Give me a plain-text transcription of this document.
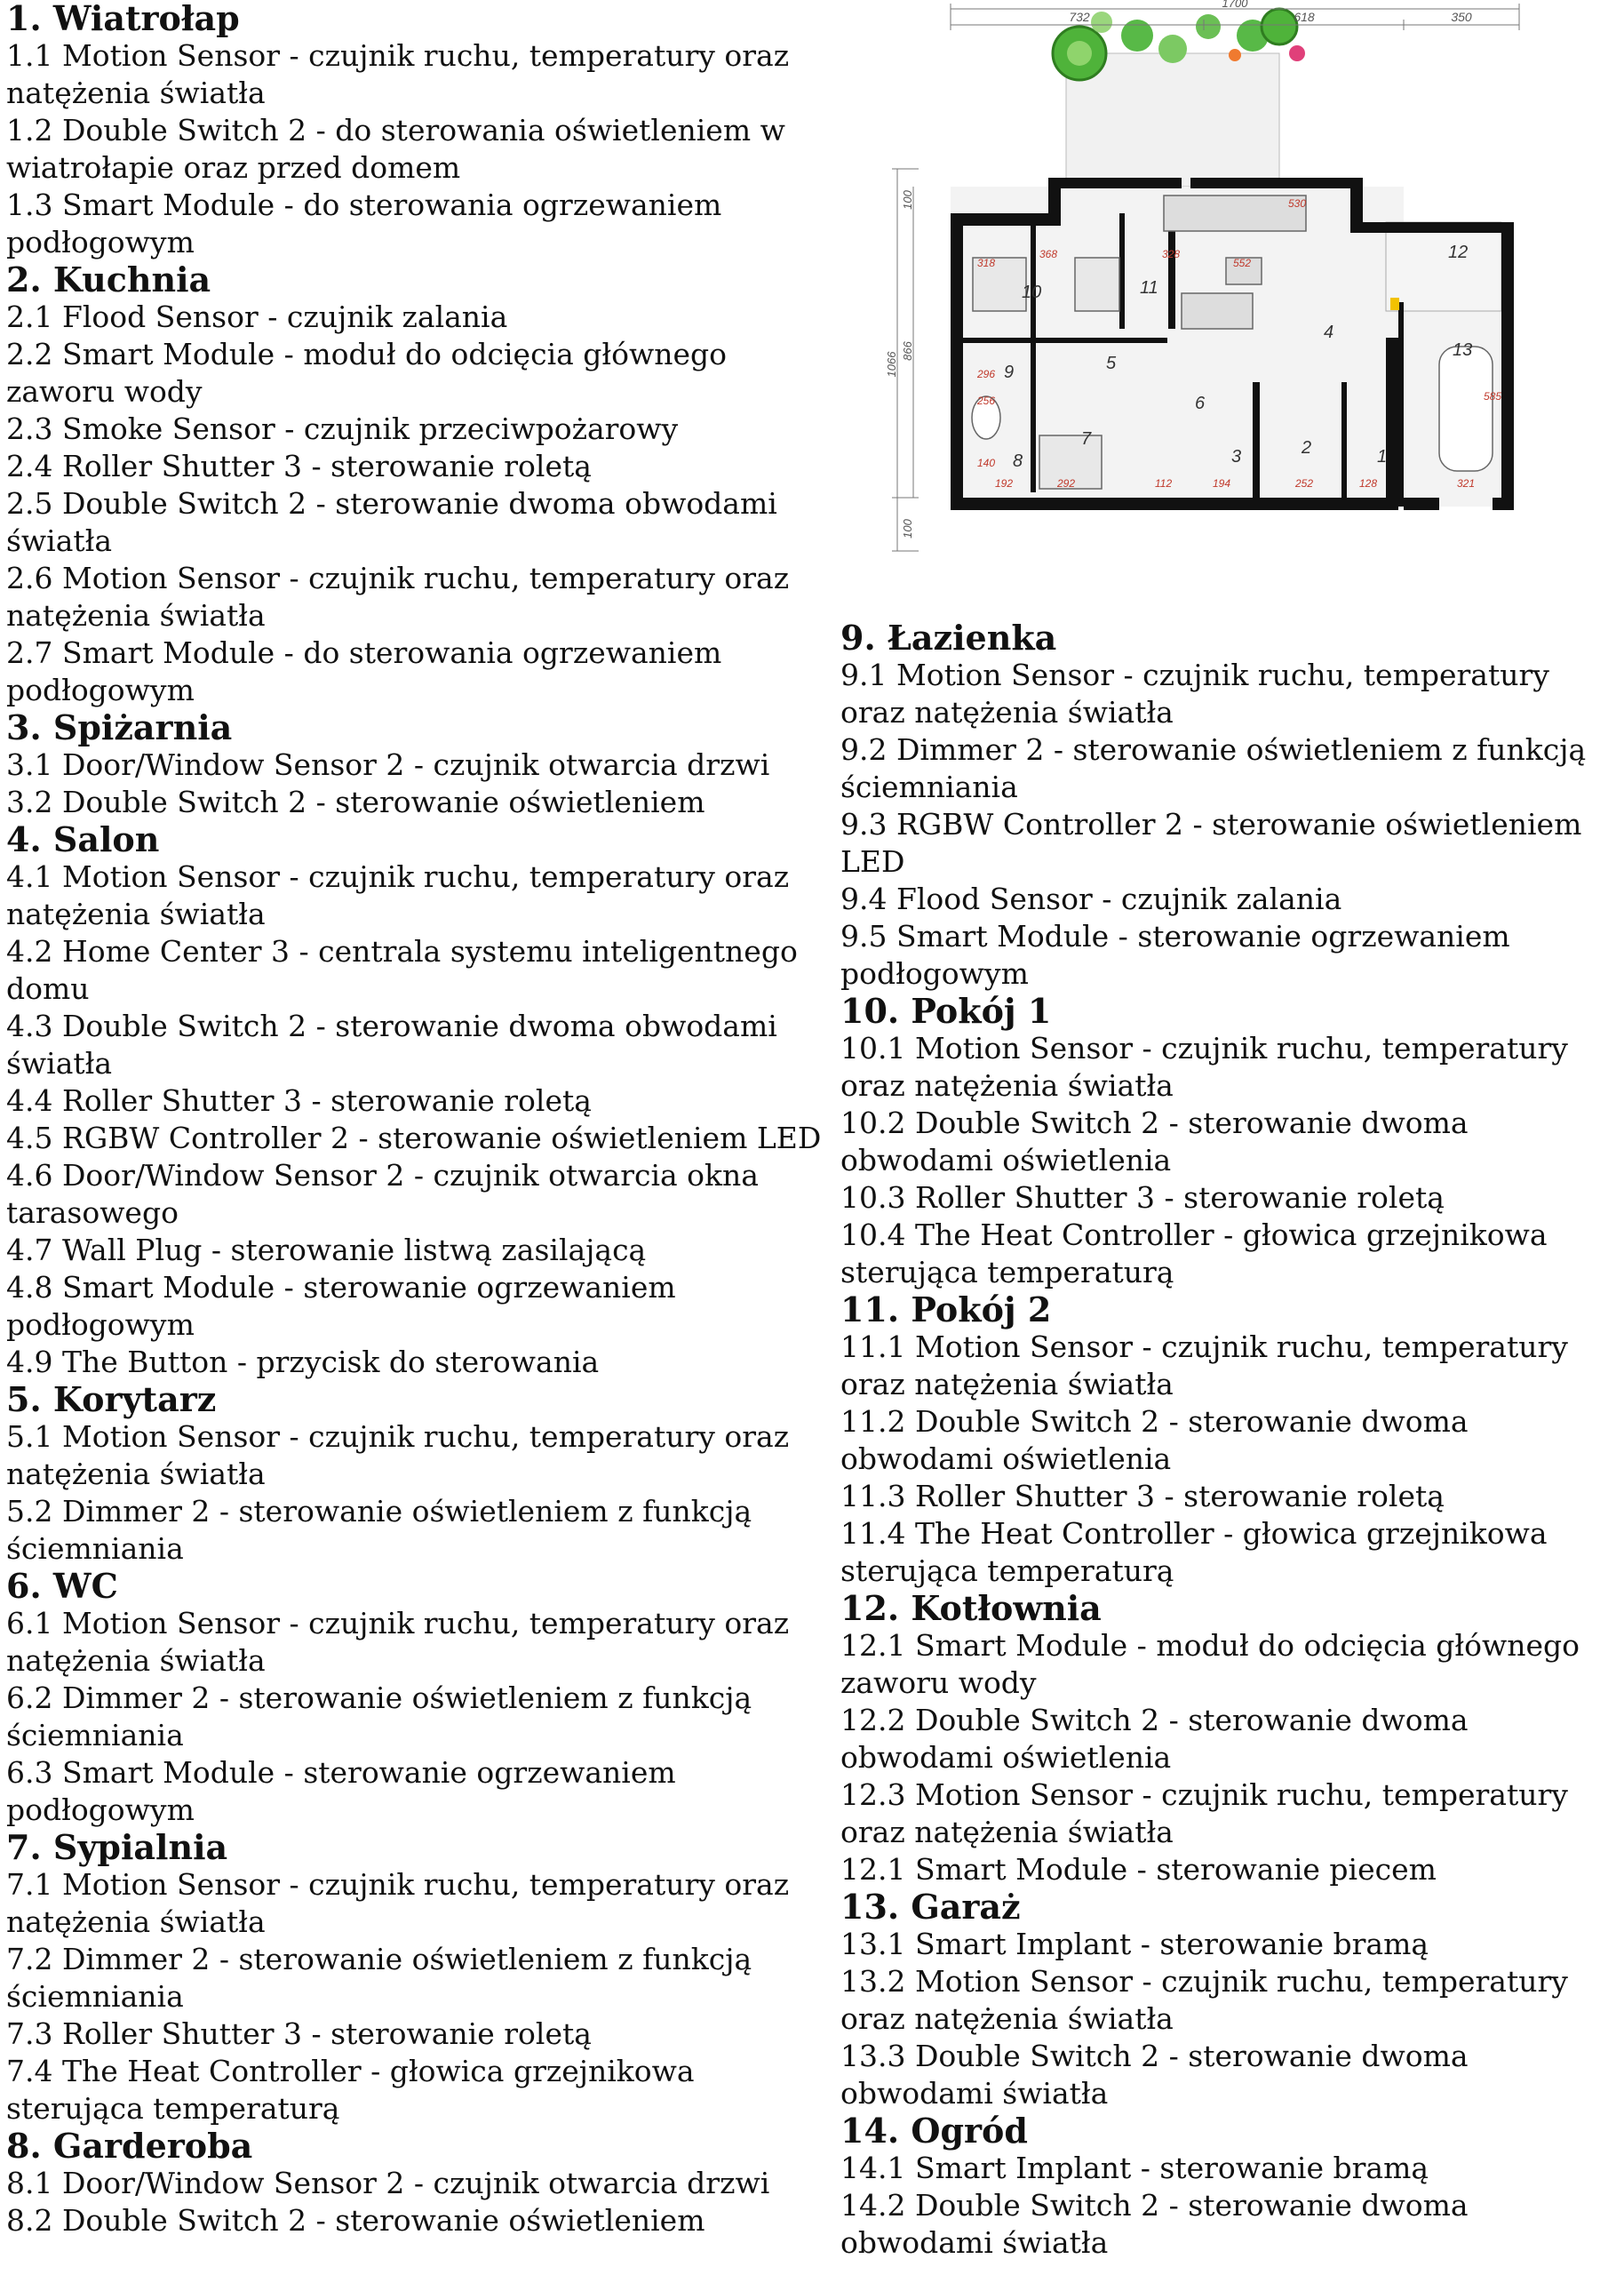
1. Wiatrołap

1.1 Motion Sensor - czujnik ruchu, temperatury oraz natężenia światła

1.2 Double Switch 2 - do sterowania oświetleniem w wiatrołapie oraz przed domem

1.3 Smart Module - do sterowania ogrzewaniem podłogowym

2. Kuchnia

2.1 Flood Sensor - czujnik zalania

2.2 Smart Module - moduł do odcięcia głównego zaworu wody

2.3 Smoke Sensor - czujnik przeciwpożarowy

2.4 Roller Shutter 3 - sterowanie roletą

2.5 Double Switch 2 - sterowanie dwoma obwodami światła

2.6 Motion Sensor - czujnik ruchu, temperatury oraz natężenia światła

2.7 Smart Module - do sterowania ogrzewaniem podłogowym

3. Spiżarnia

3.1 Door/Window Sensor 2 - czujnik otwarcia drzwi

3.2 Double Switch 2 - sterowanie oświetleniem

4. Salon

4.1 Motion Sensor - czujnik ruchu, temperatury oraz natężenia światła

4.2 Home Center 3 - centrala systemu inteligentnego domu

4.3 Double Switch 2 - sterowanie dwoma obwodami światła

4.4 Roller Shutter 3 - sterowanie roletą

4.5 RGBW Controller 2 - sterowanie oświetleniem LED

4.6 Door/Window Sensor 2 - czujnik otwarcia okna tarasowego

4.7 Wall Plug - sterowanie listwą zasilającą

4.8 Smart Module - sterowanie ogrzewaniem podłogowym

4.9 The Button - przycisk do sterowania

5. Korytarz

5.1 Motion Sensor - czujnik ruchu, temperatury oraz natężenia światła

5.2 Dimmer 2 - sterowanie oświetleniem z funkcją ściemniania

6. WC

6.1 Motion Sensor - czujnik ruchu, temperatury oraz natężenia światła

6.2 Dimmer 2 - sterowanie oświetleniem z funkcją ściemniania

6.3 Smart Module - sterowanie ogrzewaniem podłogowym

7. Sypialnia

7.1 Motion Sensor - czujnik ruchu, temperatury oraz natężenia światła

7.2 Dimmer 2 - sterowanie oświetleniem z funkcją ściemniania

7.3 Roller Shutter 3 - sterowanie roletą

7.4 The Heat Controller - głowica grzejnikowa sterująca temperaturą

8. Garderoba

8.1 Door/Window Sensor 2 - czujnik otwarcia drzwi

8.2 Double Switch 2 - sterowanie oświetleniem

1700
732	618	350
1066
866
100
100
1
2
3
4
5
6
7
8
9
10	11
12
13
530
368	328
552
318
296
256
140
192	292	112	194	252	128
585
321
9. Łazienka

9.1 Motion Sensor - czujnik ruchu, temperatury oraz natężenia światła

9.2 Dimmer 2 - sterowanie oświetleniem z funkcją ściemniania

9.3 RGBW Controller 2 - sterowanie oświetleniem LED

9.4 Flood Sensor - czujnik zalania

9.5 Smart Module - sterowanie ogrzewaniem podłogowym

10. Pokój 1

10.1 Motion Sensor - czujnik ruchu, temperatury oraz natężenia światła

10.2 Double Switch 2 - sterowanie dwoma obwodami oświetlenia

10.3 Roller Shutter 3 - sterowanie roletą

10.4 The Heat Controller - głowica grzejnikowa sterująca temperaturą

11. Pokój 2

11.1 Motion Sensor - czujnik ruchu, temperatury oraz natężenia światła

11.2 Double Switch 2 - sterowanie dwoma obwodami oświetlenia

11.3 Roller Shutter 3 - sterowanie roletą

11.4 The Heat Controller - głowica grzejnikowa sterująca temperaturą

12. Kotłownia

12.1 Smart Module - moduł do odcięcia głównego zaworu wody

12.2 Double Switch 2 - sterowanie dwoma obwodami oświetlenia

12.3 Motion Sensor - czujnik ruchu, temperatury oraz natężenia światła

12.1 Smart Module - sterowanie piecem

13. Garaż

13.1 Smart Implant - sterowanie bramą

13.2 Motion Sensor - czujnik ruchu, temperatury oraz natężenia światła

13.3 Double Switch 2 - sterowanie dwoma obwodami światła

14. Ogród

14.1 Smart Implant - sterowanie bramą

14.2 Double Switch 2 - sterowanie dwoma obwodami światła
